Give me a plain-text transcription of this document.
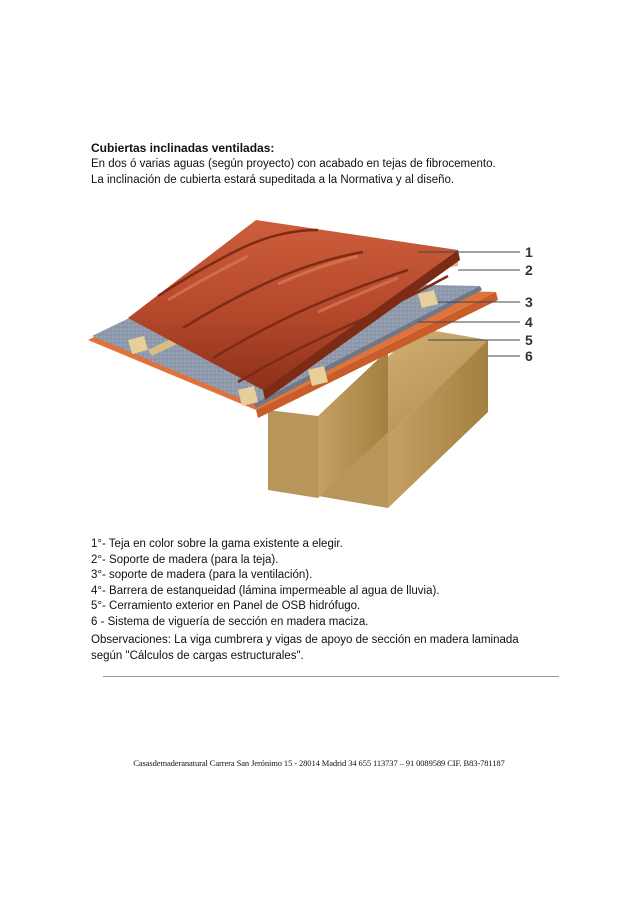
Cubiertas inclinadas ventiladas:
En dos ó varias aguas (según proyecto) con acabado en tejas de fibrocemento.
La inclinación de cubierta estará supeditada a la Normativa y al diseño.
1
2
3
4
5
6
1°- Teja en color sobre la gama existente a elegir.
2°- Soporte de madera (para la teja).
3°- soporte de madera (para la ventilación).
4°- Barrera de estanqueidad (lámina impermeable al agua de lluvia).
5°- Cerramiento exterior en Panel de OSB hidrófugo.
6 - Sistema de viguería de sección en madera maciza.
Observaciones: La viga cumbrera y vigas de apoyo de sección en madera laminada
según "Cálculos de cargas estructurales".
Casasdemaderanatural Carrera San Jerónimo 15 - 28014 Madrid 34 655 113737 – 91 0089589 CIF. B83-781187
